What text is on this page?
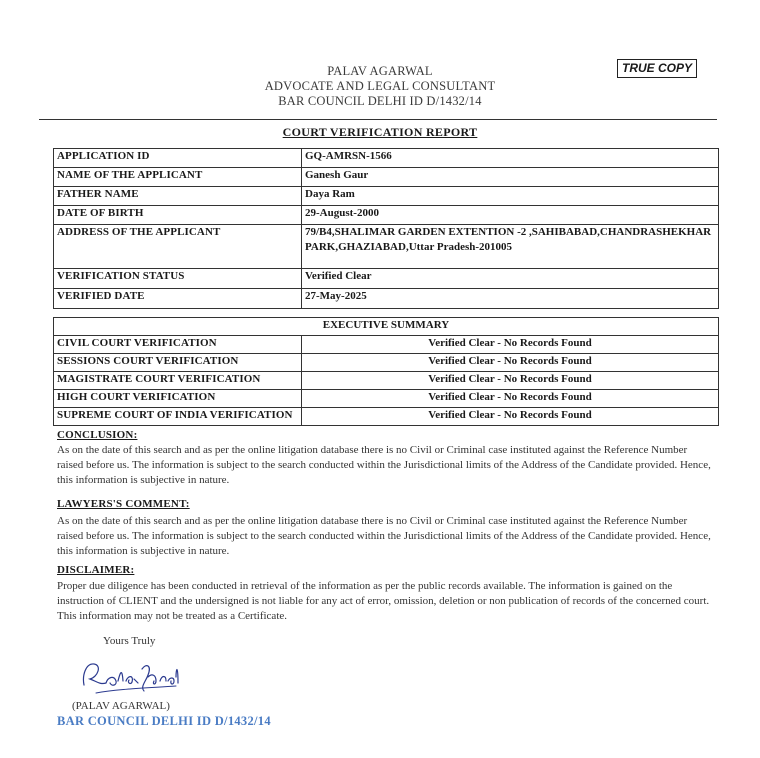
PALAV AGARWAL
ADVOCATE AND LEGAL CONSULTANT
BAR COUNCIL DELHI ID D/1432/14
TRUE COPY
COURT VERIFICATION REPORT
APPLICATION ID	GQ-AMRSN-1566
NAME OF THE APPLICANT	Ganesh Gaur
FATHER NAME	Daya Ram
DATE OF BIRTH	29-August-2000
ADDRESS OF THE APPLICANT	79/B4,SHALIMAR GARDEN EXTENTION -2 ,SAHIBABAD,CHANDRASHEKHAR PARK,GHAZIABAD,Uttar Pradesh-201005
VERIFICATION STATUS	Verified Clear
VERIFIED DATE	27-May-2025
EXECUTIVE SUMMARY	
CIVIL COURT VERIFICATION	Verified Clear - No Records Found
SESSIONS COURT VERIFICATION	Verified Clear - No Records Found
MAGISTRATE COURT VERIFICATION	Verified Clear - No Records Found
HIGH COURT VERIFICATION	Verified Clear - No Records Found
SUPREME COURT OF INDIA VERIFICATION	Verified Clear - No Records Found
CONCLUSION:
As on the date of this search and as per the online litigation database there is no Civil or Criminal case instituted against the Reference Number raised before us. The information is subject to the search conducted within the Jurisdictional limits of the Address of the Candidate provided. Hence, this information is subjective in nature.
LAWYERS'S COMMENT:
As on the date of this search and as per the online litigation database there is no Civil or Criminal case instituted against the Reference Number raised before us. The information is subject to the search conducted within the Jurisdictional limits of the Address of the Candidate provided. Hence, this information is subjective in nature.
DISCLAIMER:
Proper due diligence has been conducted in retrieval of the information as per the public records available. The information is gained on the instruction of CLIENT and the undersigned is not liable for any act of error, omission, deletion or non publication of records of the concerned court. This information may not be treated as a Certificate.
Yours Truly
(PALAV AGARWAL)
BAR COUNCIL DELHI ID D/1432/14
